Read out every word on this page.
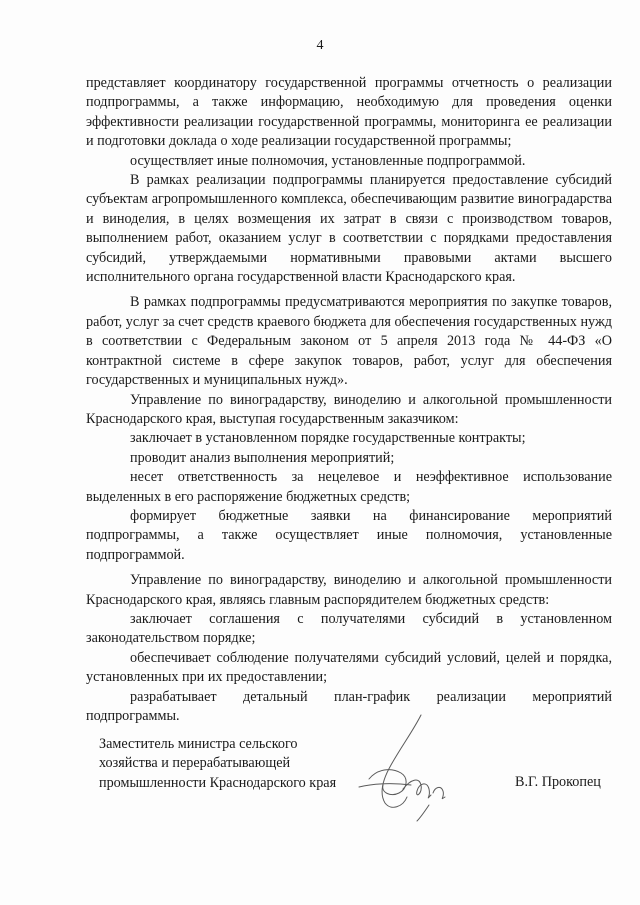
4

представляет координатору государственной программы отчетность о реализации подпрограммы, а также информацию, необходимую для проведения оценки эффективности реализации государственной программы, мониторинга ее реализации и подготовки доклада о ходе реализации государственной программы;

осуществляет иные полномочия, установленные подпрограммой.

В рамках реализации подпрограммы планируется предоставление субсидий субъектам агропромышленного комплекса, обеспечивающим развитие виноградарства и виноделия, в целях возмещения их затрат в связи с производством товаров, выполнением работ, оказанием услуг в соответствии с порядками предоставления субсидий, утверждаемыми нормативными правовыми актами высшего исполнительного органа государственной власти Краснодарского края.

В рамках подпрограммы предусматриваются мероприятия по закупке товаров, работ, услуг за счет средств краевого бюджета для обеспечения государственных нужд в соответствии с Федеральным законом от 5 апреля 2013 года № 44-ФЗ «О контрактной системе в сфере закупок товаров, работ, услуг для обеспечения государственных и муниципальных нужд».

Управление по виноградарству, виноделию и алкогольной промышленности Краснодарского края, выступая государственным заказчиком:

заключает в установленном порядке государственные контракты;

проводит анализ выполнения мероприятий;

несет ответственность за нецелевое и неэффективное использование выделенных в его распоряжение бюджетных средств;

формирует бюджетные заявки на финансирование мероприятий подпрограммы, а также осуществляет иные полномочия, установленные подпрограммой.

Управление по виноградарству, виноделию и алкогольной промышленности Краснодарского края, являясь главным распорядителем бюджетных средств:

заключает соглашения с получателями субсидий в установленном законодательством порядке;

обеспечивает соблюдение получателями субсидий условий, целей и порядка, установленных при их предоставлении;

разрабатывает детальный план-график реализации мероприятий подпрограммы.

Заместитель министра сельского
хозяйства и перерабатывающей
промышленности Краснодарского края	В.Г. Прокопец
